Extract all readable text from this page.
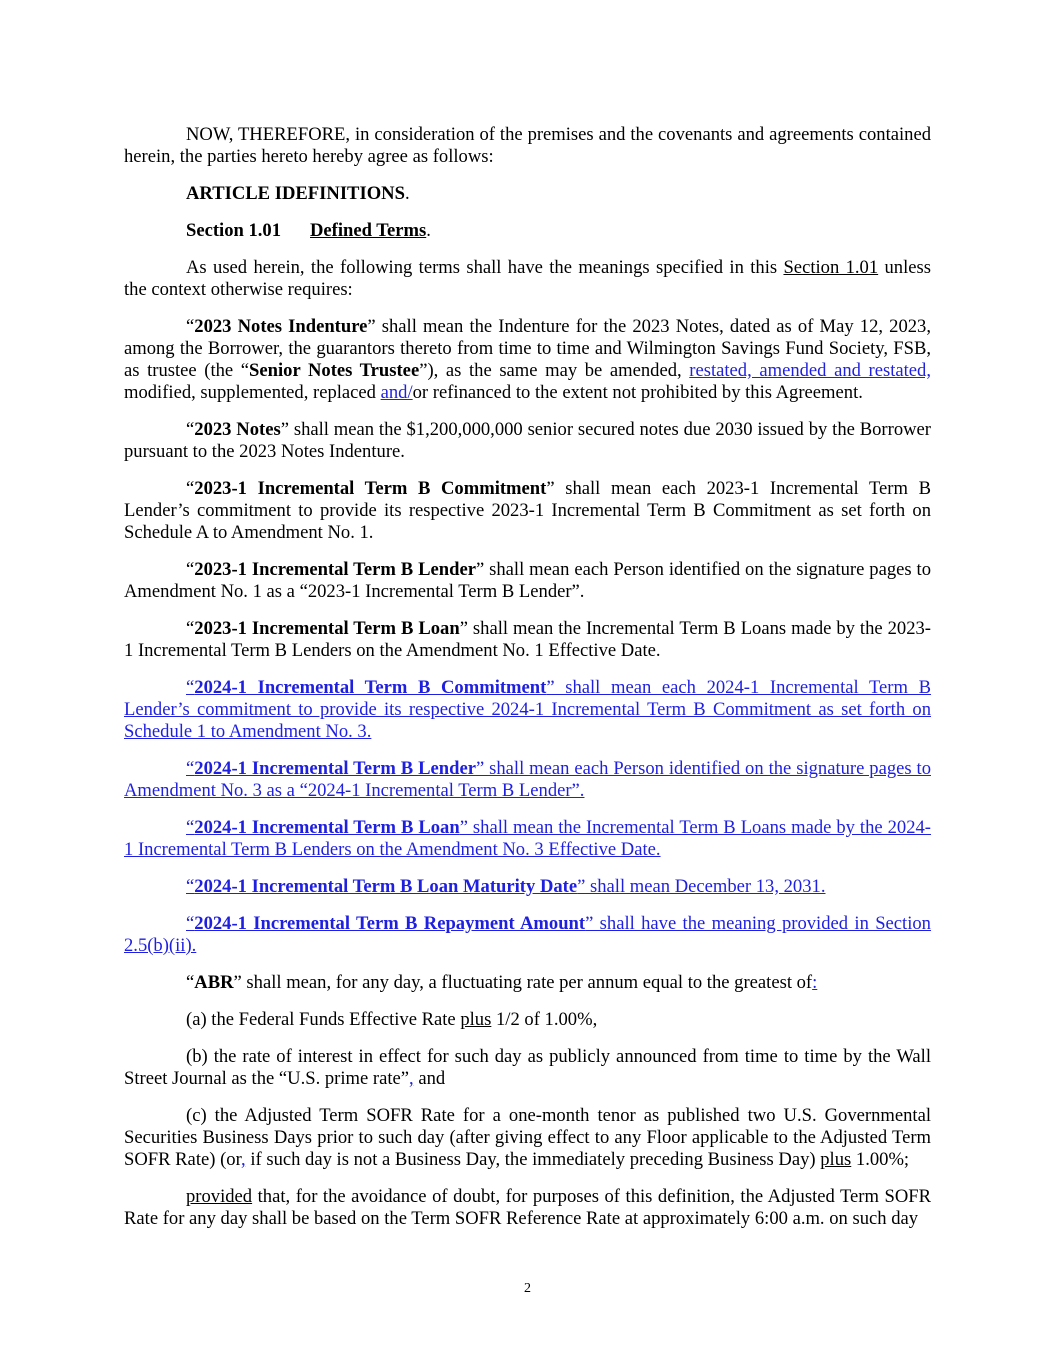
NOW, THEREFORE, in consideration of the premises and the covenants and agreements contained herein, the parties hereto hereby agree as follows:

ARTICLE IDEFINITIONS.

Section 1.01 Defined Terms.

As used herein, the following terms shall have the meanings specified in this Section 1.01 unless the context otherwise requires:

“2023 Notes Indenture” shall mean the Indenture for the 2023 Notes, dated as of May 12, 2023, among the Borrower, the guarantors thereto from time to time and Wilmington Savings Fund Society, FSB, as trustee (the “Senior Notes Trustee”), as the same may be amended, restated, amended and restated, modified, supplemented, replaced and/or refinanced to the extent not prohibited by this Agreement.

“2023 Notes” shall mean the $1,200,000,000 senior secured notes due 2030 issued by the Borrower pursuant to the 2023 Notes Indenture.

“2023-1 Incremental Term B Commitment” shall mean each 2023-1 Incremental Term B Lender’s commitment to provide its respective 2023-1 Incremental Term B Commitment as set forth on Schedule A to Amendment No. 1.

“2023-1 Incremental Term B Lender” shall mean each Person identified on the signature pages to Amendment No. 1 as a “2023-1 Incremental Term B Lender”.

“2023-1 Incremental Term B Loan” shall mean the Incremental Term B Loans made by the 2023-1 Incremental Term B Lenders on the Amendment No. 1 Effective Date.

“2024-1 Incremental Term B Commitment” shall mean each 2024-1 Incremental Term B Lender’s commitment to provide its respective 2024-1 Incremental Term B Commitment as set forth on Schedule 1 to Amendment No. 3.

“2024-1 Incremental Term B Lender” shall mean each Person identified on the signature pages to Amendment No. 3 as a “2024-1 Incremental Term B Lender”.

“2024-1 Incremental Term B Loan” shall mean the Incremental Term B Loans made by the 2024-1 Incremental Term B Lenders on the Amendment No. 3 Effective Date.

“2024-1 Incremental Term B Loan Maturity Date” shall mean December 13, 2031.

“2024-1 Incremental Term B Repayment Amount” shall have the meaning provided in Section 2.5(b)(ii).

“ABR” shall mean, for any day, a fluctuating rate per annum equal to the greatest of:

(a) the Federal Funds Effective Rate plus 1/2 of 1.00%,

(b) the rate of interest in effect for such day as publicly announced from time to time by the Wall Street Journal as the “U.S. prime rate”, and

(c) the Adjusted Term SOFR Rate for a one-month tenor as published two U.S. Governmental Securities Business Days prior to such day (after giving effect to any Floor applicable to the Adjusted Term SOFR Rate) (or, if such day is not a Business Day, the immediately preceding Business Day) plus 1.00%;

provided that, for the avoidance of doubt, for purposes of this definition, the Adjusted Term SOFR Rate for any day shall be based on the Term SOFR Reference Rate at approximately 6:00 a.m. on such day

2
